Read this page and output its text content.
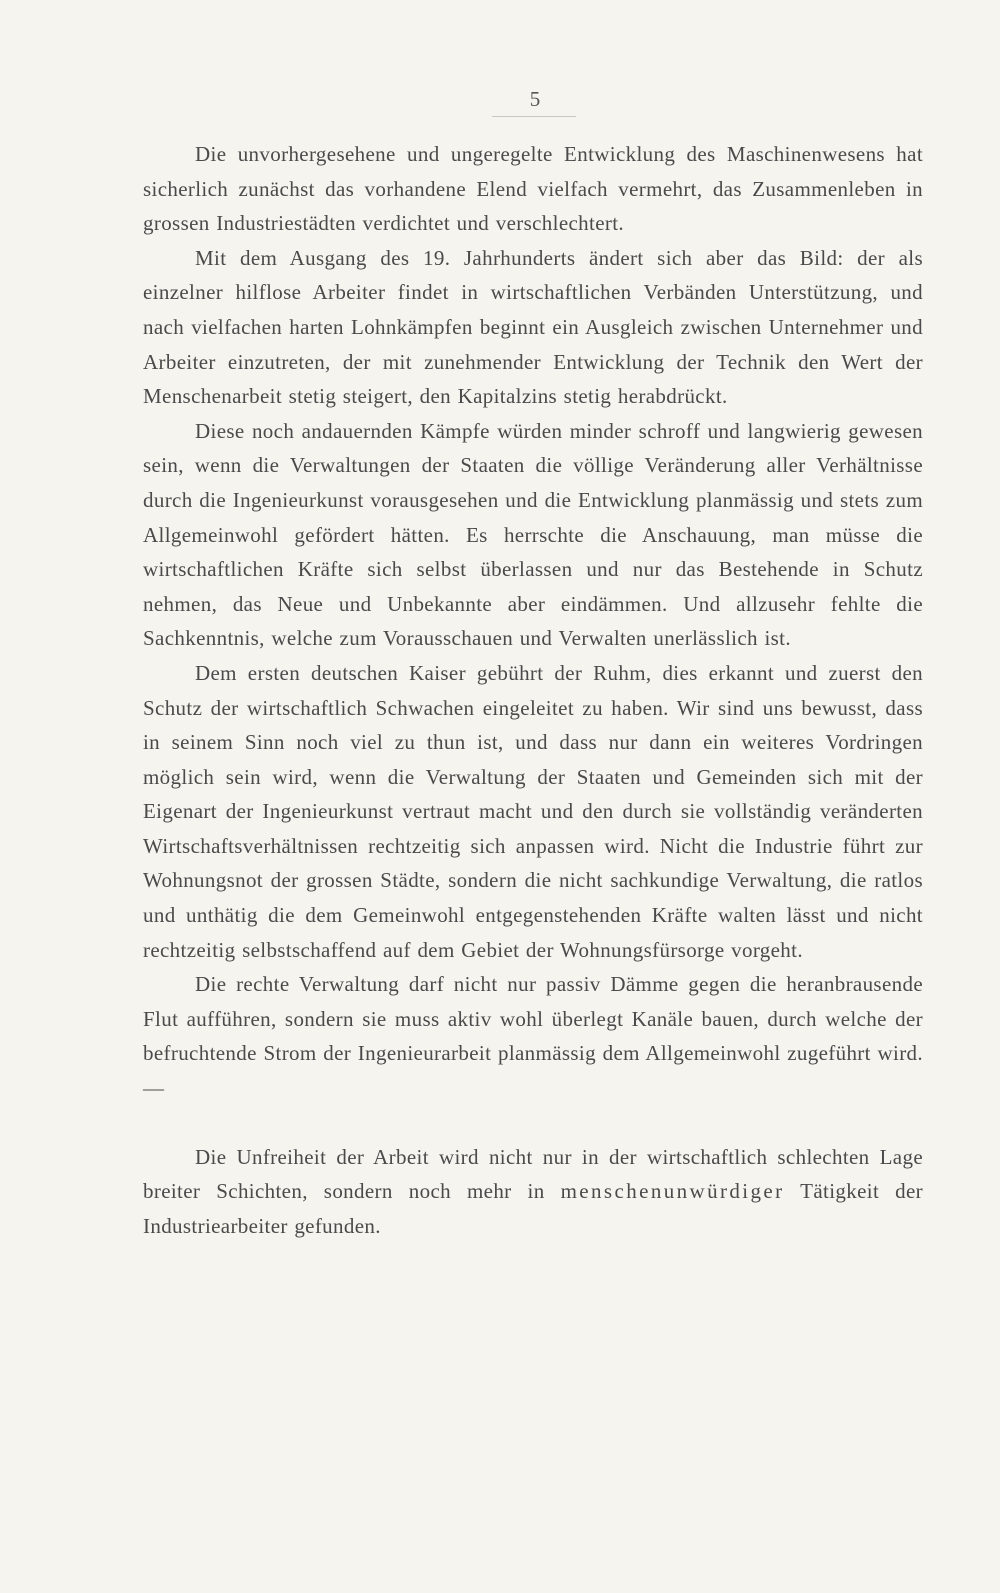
5

Die unvorhergesehene und ungeregelte Entwicklung des Maschinenwesens hat sicherlich zunächst das vorhandene Elend vielfach vermehrt, das Zusammenleben in grossen Industriestädten verdichtet und verschlechtert.

Mit dem Ausgang des 19. Jahrhunderts ändert sich aber das Bild: der als einzelner hilflose Arbeiter findet in wirtschaftlichen Verbänden Unterstützung, und nach vielfachen harten Lohnkämpfen beginnt ein Ausgleich zwischen Unternehmer und Arbeiter einzutreten, der mit zunehmender Entwicklung der Technik den Wert der Menschenarbeit stetig steigert, den Kapitalzins stetig herabdrückt.

Diese noch andauernden Kämpfe würden minder schroff und langwierig gewesen sein, wenn die Verwaltungen der Staaten die völlige Veränderung aller Verhältnisse durch die Ingenieurkunst vorausgesehen und die Entwicklung planmässig und stets zum Allgemeinwohl gefördert hätten. Es herrschte die Anschauung, man müsse die wirtschaftlichen Kräfte sich selbst überlassen und nur das Bestehende in Schutz nehmen, das Neue und Unbekannte aber eindämmen. Und allzusehr fehlte die Sachkenntnis, welche zum Vorausschauen und Verwalten unerlässlich ist.

Dem ersten deutschen Kaiser gebührt der Ruhm, dies erkannt und zuerst den Schutz der wirtschaftlich Schwachen eingeleitet zu haben. Wir sind uns bewusst, dass in seinem Sinn noch viel zu thun ist, und dass nur dann ein weiteres Vordringen möglich sein wird, wenn die Verwaltung der Staaten und Gemeinden sich mit der Eigenart der Ingenieurkunst vertraut macht und den durch sie vollständig veränderten Wirtschaftsverhältnissen rechtzeitig sich anpassen wird. Nicht die Industrie führt zur Wohnungsnot der grossen Städte, sondern die nicht sachkundige Verwaltung, die ratlos und unthätig die dem Gemeinwohl entgegenstehenden Kräfte walten lässt und nicht rechtzeitig selbstschaffend auf dem Gebiet der Wohnungsfürsorge vorgeht.

Die rechte Verwaltung darf nicht nur passiv Dämme gegen die heranbrausende Flut aufführen, sondern sie muss aktiv wohl überlegt Kanäle bauen, durch welche der befruchtende Strom der Ingenieurarbeit planmässig dem Allgemeinwohl zugeführt wird. —

Die Unfreiheit der Arbeit wird nicht nur in der wirtschaftlich schlechten Lage breiter Schichten, sondern noch mehr in menschenunwürdiger Tätigkeit der Industriearbeiter gefunden.
